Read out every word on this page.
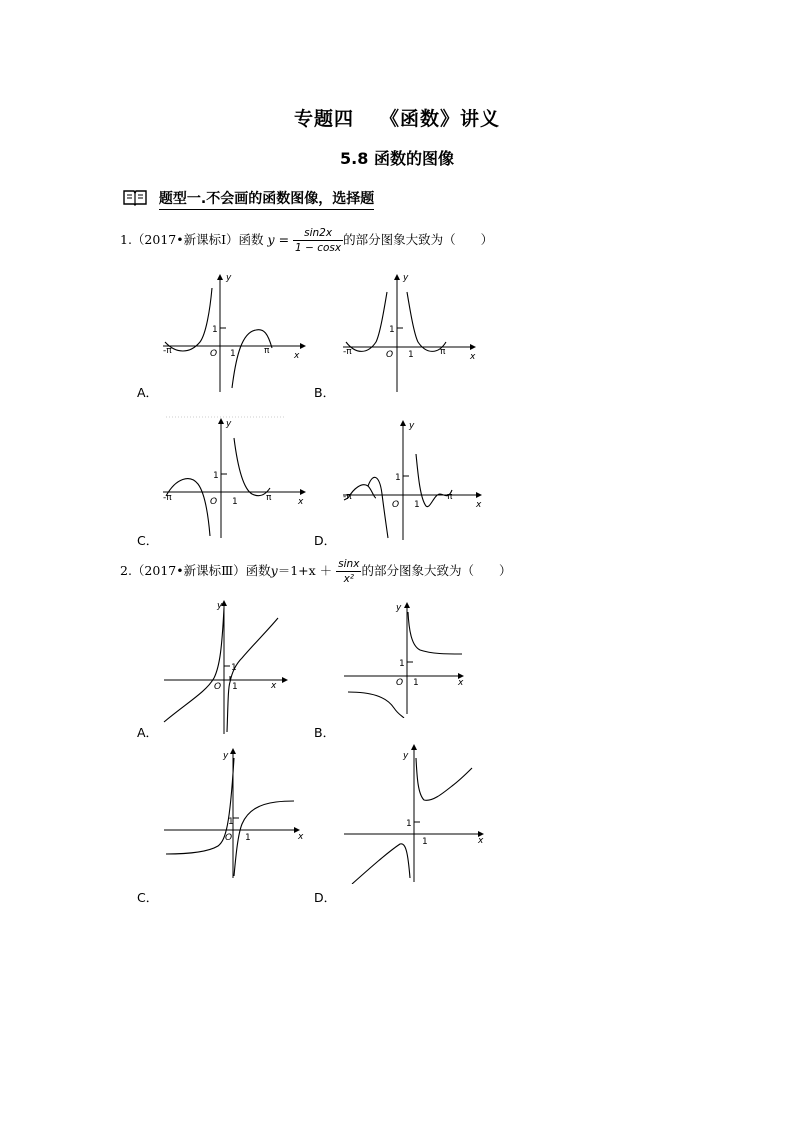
专题四 《函数》讲义
5.8 函数的图像
题型一.不会画的函数图像，选择题
1.（2017•新课标Ⅰ）函数 $y = \frac{\sin 2x}{1 - \cos x}$ 的部分图象大致为（　　）
y
x
O 1
1
π
-π
A．
y
x
O 1
1
π
-π
B．
y
x
O 1
1
π
-π
C．
y
x
O 1
1
π
-π
D．
2.（2017•新课标Ⅲ）函数$y=1+x + \frac{\sin x}{\text{x²}}$ 的部分图象大致为（　　）
y
x
O 1
1
A．
y
x
O 1
1
B．
y
x
O 1
1
C．
y
x
1
1
D．
